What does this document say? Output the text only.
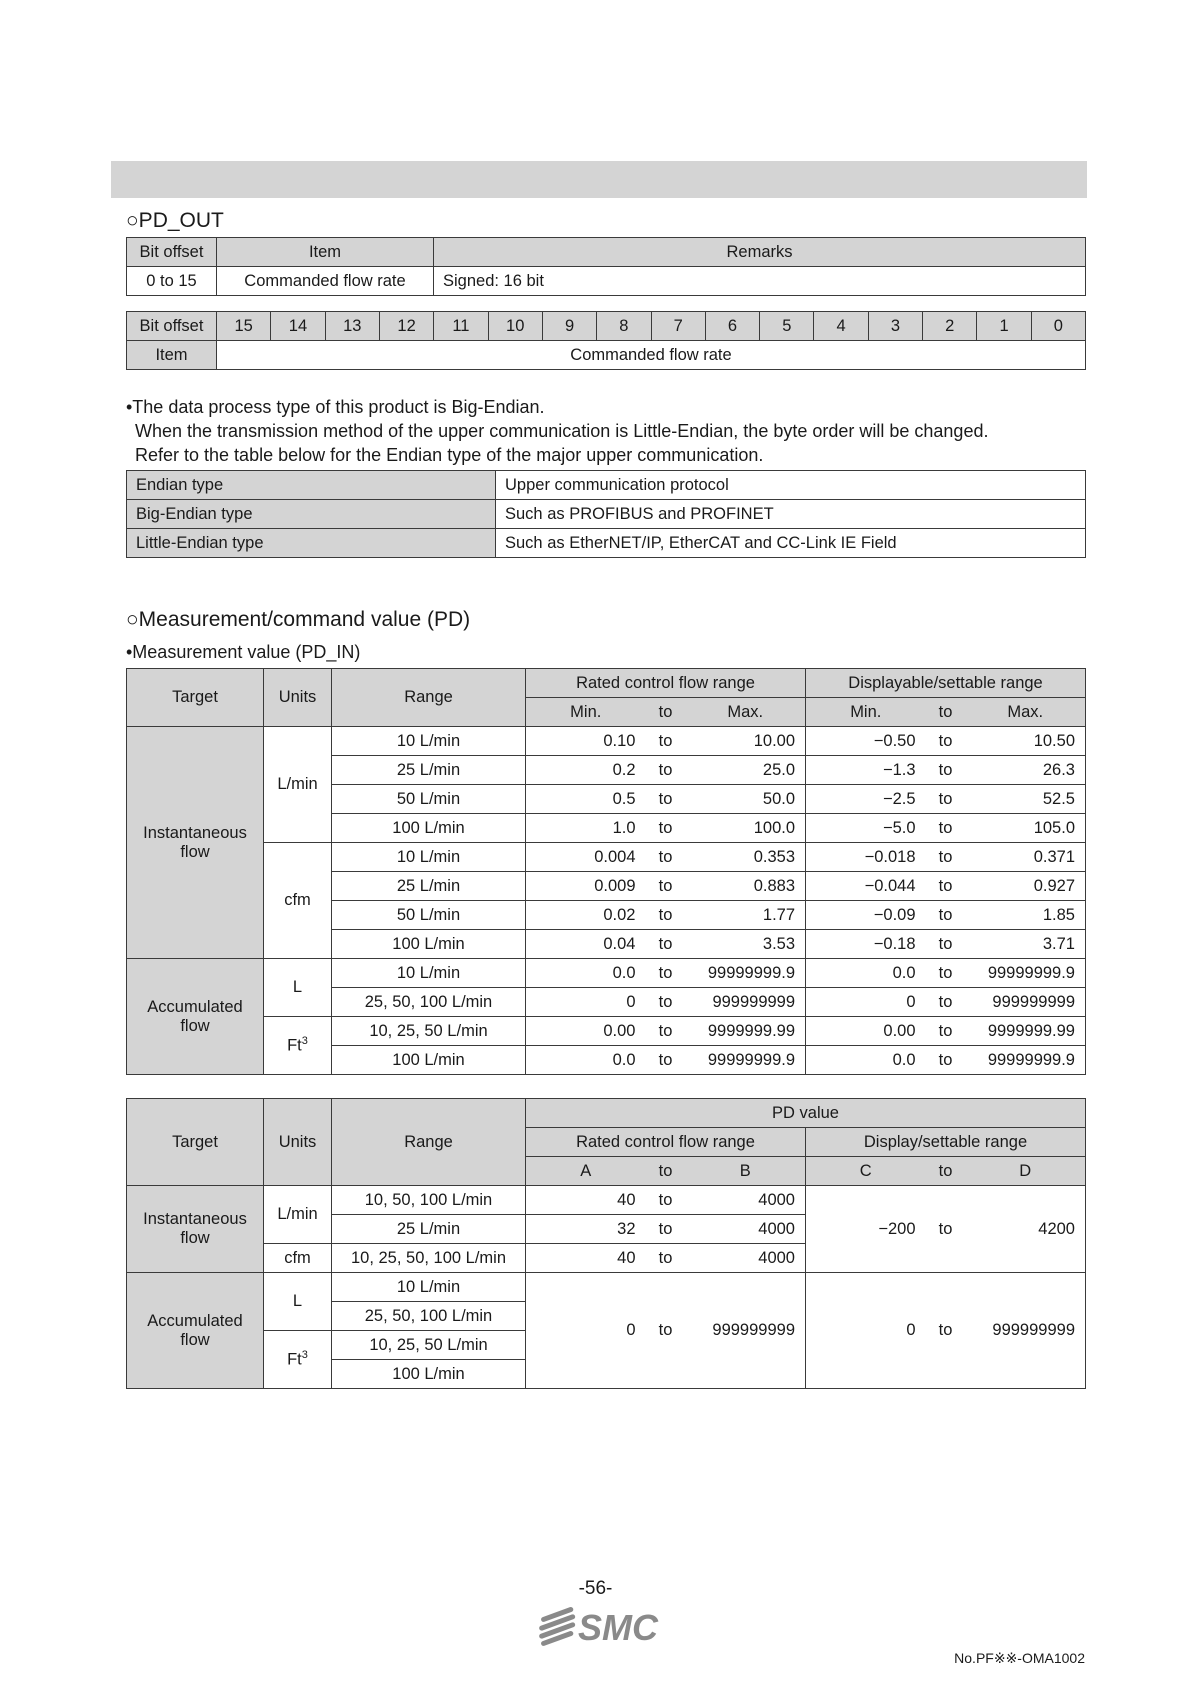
○PD_OUT
Bit offset	Item	Remarks
0 to 15	Commanded flow rate	Signed: 16 bit
Bit offset	15	14	13	12	11	10	9	8	7	6	5	4	3	2	1	0
Item	Commanded flow rate															
•The data process type of this product is Big-Endian.
When the transmission method of the upper communication is Little-Endian, the byte order will be changed.
Refer to the table below for the Endian type of the major upper communication.
Endian type	Upper communication protocol
Big-Endian type	Such as PROFIBUS and PROFINET
Little-Endian type	Such as EtherNET/IP, EtherCAT and CC-Link IE Field
○Measurement/command value (PD)
•Measurement value (PD_IN)
Target	Units	Range	Rated control flow range			Displayable/settable range		
			Min.	to	Max.	Min.	to	Max.
Instantaneous flow	L/min	10 L/min	0.10	to	10.00	−0.50	to	10.50
		25 L/min	0.2	to	25.0	−1.3	to	26.3
		50 L/min	0.5	to	50.0	−2.5	to	52.5
		100 L/min	1.0	to	100.0	−5.0	to	105.0
	cfm	10 L/min	0.004	to	0.353	−0.018	to	0.371
		25 L/min	0.009	to	0.883	−0.044	to	0.927
		50 L/min	0.02	to	1.77	−0.09	to	1.85
		100 L/min	0.04	to	3.53	−0.18	to	3.71
Accumulated flow	L	10 L/min	0.0	to	99999999.9	0.0	to	99999999.9
		25, 50, 100 L/min	0	to	999999999	0	to	999999999
	Ft$^3$	10, 25, 50 L/min	0.00	to	9999999.99	0.00	to	9999999.99
		100 L/min	0.0	to	99999999.9	0.0	to	99999999.9
Target	Units	Range	PD value					
			Rated control flow range			Display/settable range		
			A	to	B	C	to	D
Instantaneous flow	L/min	10, 50, 100 L/min	40	to	4000	−200	to	4200
		25 L/min	32	to	4000			
	cfm	10, 25, 50, 100 L/min	40	to	4000			
Accumulated flow	L	10 L/min	0	to	999999999	0	to	999999999
		25, 50, 100 L/min						
	Ft$^3$	10, 25, 50 L/min						
		100 L/min						
-56-
SMC
No.PF※※-OMA1002
